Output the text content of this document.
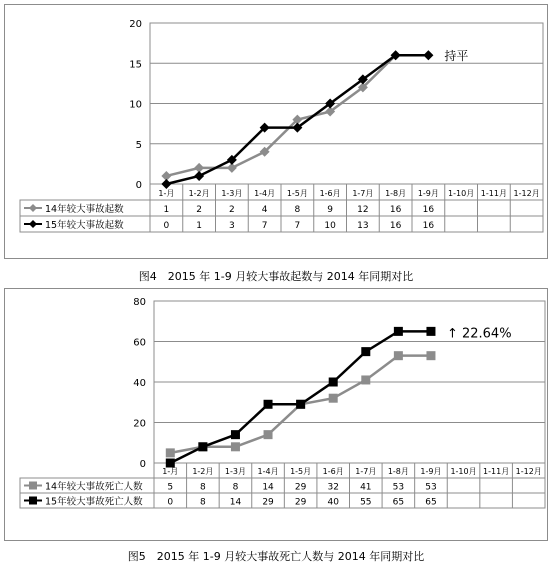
0
5
10
15
20
1-月 1-2月 1-3月 1-4月 1-5月 1-6月 1-7月 1-8月 1-9月 1-10月 1-11月 1-12月
14年较大事故起数	1	2	2	4	8	9	12 16 16
15年较大事故起数	0	1	3	7	7	10 13 16 16
持平
图4　2015 年 1-9 月较大事故起数与 2014 年同期对比
0
20
40
60
80
1-月 1-2月 1-3月 1-4月 1-5月 1-6月 1-7月 1-8月 1-9月 1-10月 1-11月 1-12月
14年较大事故死亡人数	5	8	8	14 29 32 41 53 53
15年较大事故死亡人数	0	8	14 29 29 40 55 65 65
↑ 22.64%
图5　2015 年 1-9 月较大事故死亡人数与 2014 年同期对比
